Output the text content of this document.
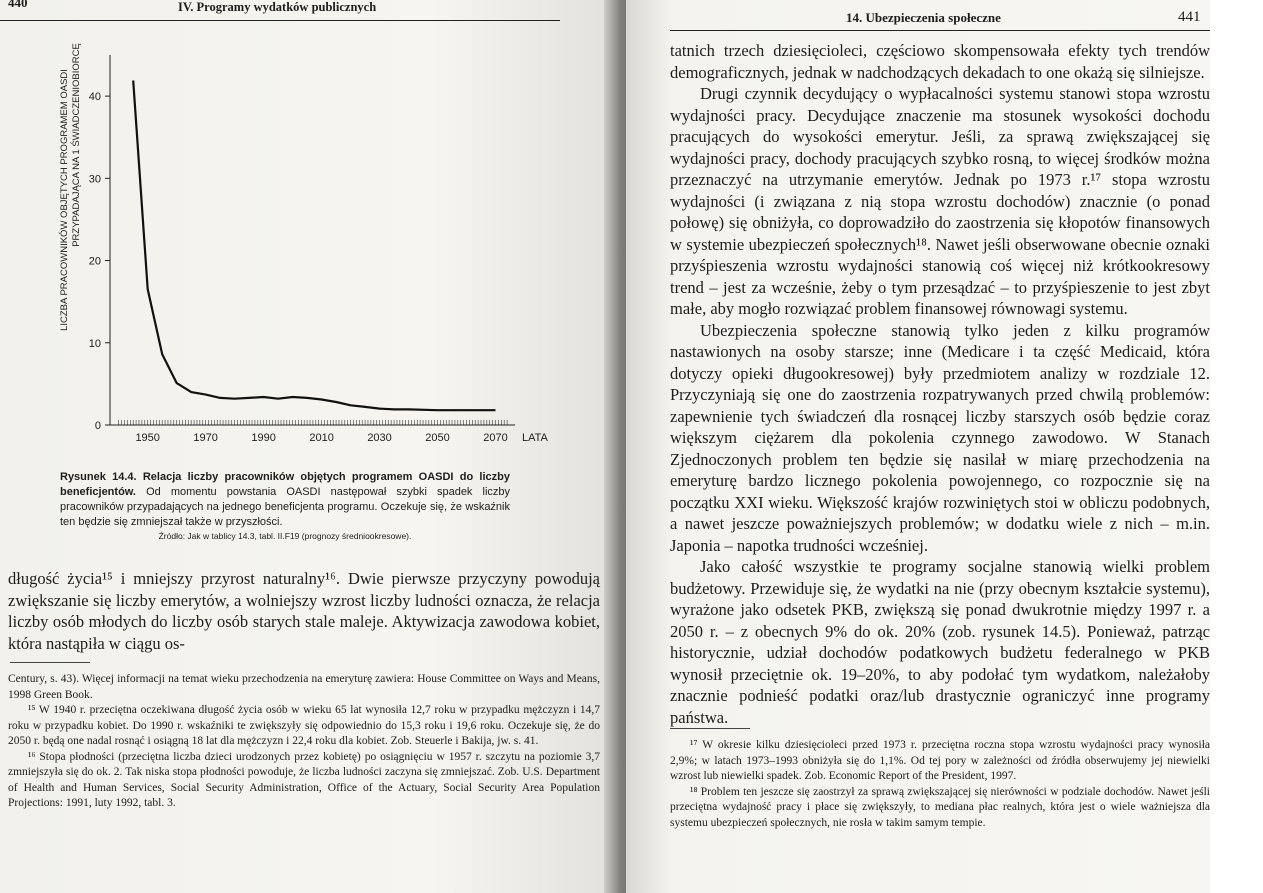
440	IV. Programy wydatków publicznych
0
10
20
30
40
1950	1970	1990	2010	2030	2050	2070 LATA
LICZBA PRACOWNIKÓW OBJĘTYCH PROGRAMEM OASDI PRZYPADAJĄCA NA 1 ŚWIADCZENIOBIORCĘ
Rysunek 14.4. Relacja liczby pracowników objętych programem OASDI do liczby beneficjentów. Od momentu powstania OASDI następował szybki spadek liczby pracowników przypadających na jednego beneficjenta programu. Oczekuje się, że wskaźnik ten będzie się zmniejszał także w przyszłości.
Źródło: Jak w tablicy 14.3, tabl. II.F19 (prognozy średniookresowe).

długość życia¹⁵ i mniejszy przyrost naturalny¹⁶. Dwie pierwsze przyczyny powodują zwiększanie się liczby emerytów, a wolniejszy wzrost liczby ludności oznacza, że relacja liczby osób młodych do liczby osób starych stale maleje. Aktywizacja zawodowa kobiet, która nastąpiła w ciągu os-

Century, s. 43). Więcej informacji na temat wieku przechodzenia na emeryturę zawiera: House Committee on Ways and Means, 1998 Green Book.

¹⁵ W 1940 r. przeciętna oczekiwana długość życia osób w wieku 65 lat wynosiła 12,7 roku w przypadku mężczyzn i 14,7 roku w przypadku kobiet. Do 1990 r. wskaźniki te zwiększyły się odpowiednio do 15,3 roku i 19,6 roku. Oczekuje się, że do 2050 r. będą one nadal rosnąć i osiągną 18 lat dla mężczyzn i 22,4 roku dla kobiet. Zob. Steuerle i Bakija, jw. s. 41.

¹⁶ Stopa płodności (przeciętna liczba dzieci urodzonych przez kobietę) po osiągnięciu w 1957 r. szczytu na poziomie 3,7 zmniejszyła się do ok. 2. Tak niska stopa płodności powoduje, że liczba ludności zaczyna się zmniejszać. Zob. U.S. Department of Health and Human Services, Social Security Administration, Office of the Actuary, Social Security Area Population Projections: 1991, luty 1992, tabl. 3.

14. Ubezpieczenia społeczne	441

tatnich trzech dziesięcioleci, częściowo skompensowała efekty tych trendów demograficznych, jednak w nadchodzących dekadach to one okażą się silniejsze.

Drugi czynnik decydujący o wypłacalności systemu stanowi stopa wzrostu wydajności pracy. Decydujące znaczenie ma stosunek wysokości dochodu pracujących do wysokości emerytur. Jeśli, za sprawą zwiększającej się wydajności pracy, dochody pracujących szybko rosną, to więcej środków można przeznaczyć na utrzymanie emerytów. Jednak po 1973 r.¹⁷ stopa wzrostu wydajności (i związana z nią stopa wzrostu dochodów) znacznie (o ponad połowę) się obniżyła, co doprowadziło do zaostrzenia się kłopotów finansowych w systemie ubezpieczeń społecznych¹⁸. Nawet jeśli obserwowane obecnie oznaki przyśpieszenia wzrostu wydajności stanowią coś więcej niż krótkookresowy trend – jest za wcześnie, żeby o tym przesądzać – to przyśpieszenie to jest zbyt małe, aby mogło rozwiązać problem finansowej równowagi systemu.

Ubezpieczenia społeczne stanowią tylko jeden z kilku programów nastawionych na osoby starsze; inne (Medicare i ta część Medicaid, która dotyczy opieki długookresowej) były przedmiotem analizy w rozdziale 12. Przyczyniają się one do zaostrzenia rozpatrywanych przed chwilą problemów: zapewnienie tych świadczeń dla rosnącej liczby starszych osób będzie coraz większym ciężarem dla pokolenia czynnego zawodowo. W Stanach Zjednoczonych problem ten będzie się nasilał w miarę przechodzenia na emeryturę bardzo licznego pokolenia powojennego, co rozpocznie się na początku XXI wieku. Większość krajów rozwiniętych stoi w obliczu podobnych, a nawet jeszcze poważniejszych problemów; w dodatku wiele z nich – m.in. Japonia – napotka trudności wcześniej.

Jako całość wszystkie te programy socjalne stanowią wielki problem budżetowy. Przewiduje się, że wydatki na nie (przy obecnym kształcie systemu), wyrażone jako odsetek PKB, zwiększą się ponad dwukrotnie między 1997 r. a 2050 r. – z obecnych 9% do ok. 20% (zob. rysunek 14.5). Ponieważ, patrząc historycznie, udział dochodów podatkowych budżetu federalnego w PKB wynosił przeciętnie ok. 19–20%, to aby podołać tym wydatkom, należałoby znacznie podnieść podatki oraz/lub drastycznie ograniczyć inne programy państwa.

¹⁷ W okresie kilku dziesięcioleci przed 1973 r. przeciętna roczna stopa wzrostu wydajności pracy wynosiła 2,9%; w latach 1973–1993 obniżyła się do 1,1%. Od tej pory w zależności od źródła obserwujemy jej niewielki wzrost lub niewielki spadek. Zob. Economic Report of the President, 1997.

¹⁸ Problem ten jeszcze się zaostrzył za sprawą zwiększającej się nierówności w podziale dochodów. Nawet jeśli przeciętna wydajność pracy i płace się zwiększyły, to mediana płac realnych, która jest o wiele ważniejsza dla systemu ubezpieczeń społecznych, nie rosła w takim samym tempie.
